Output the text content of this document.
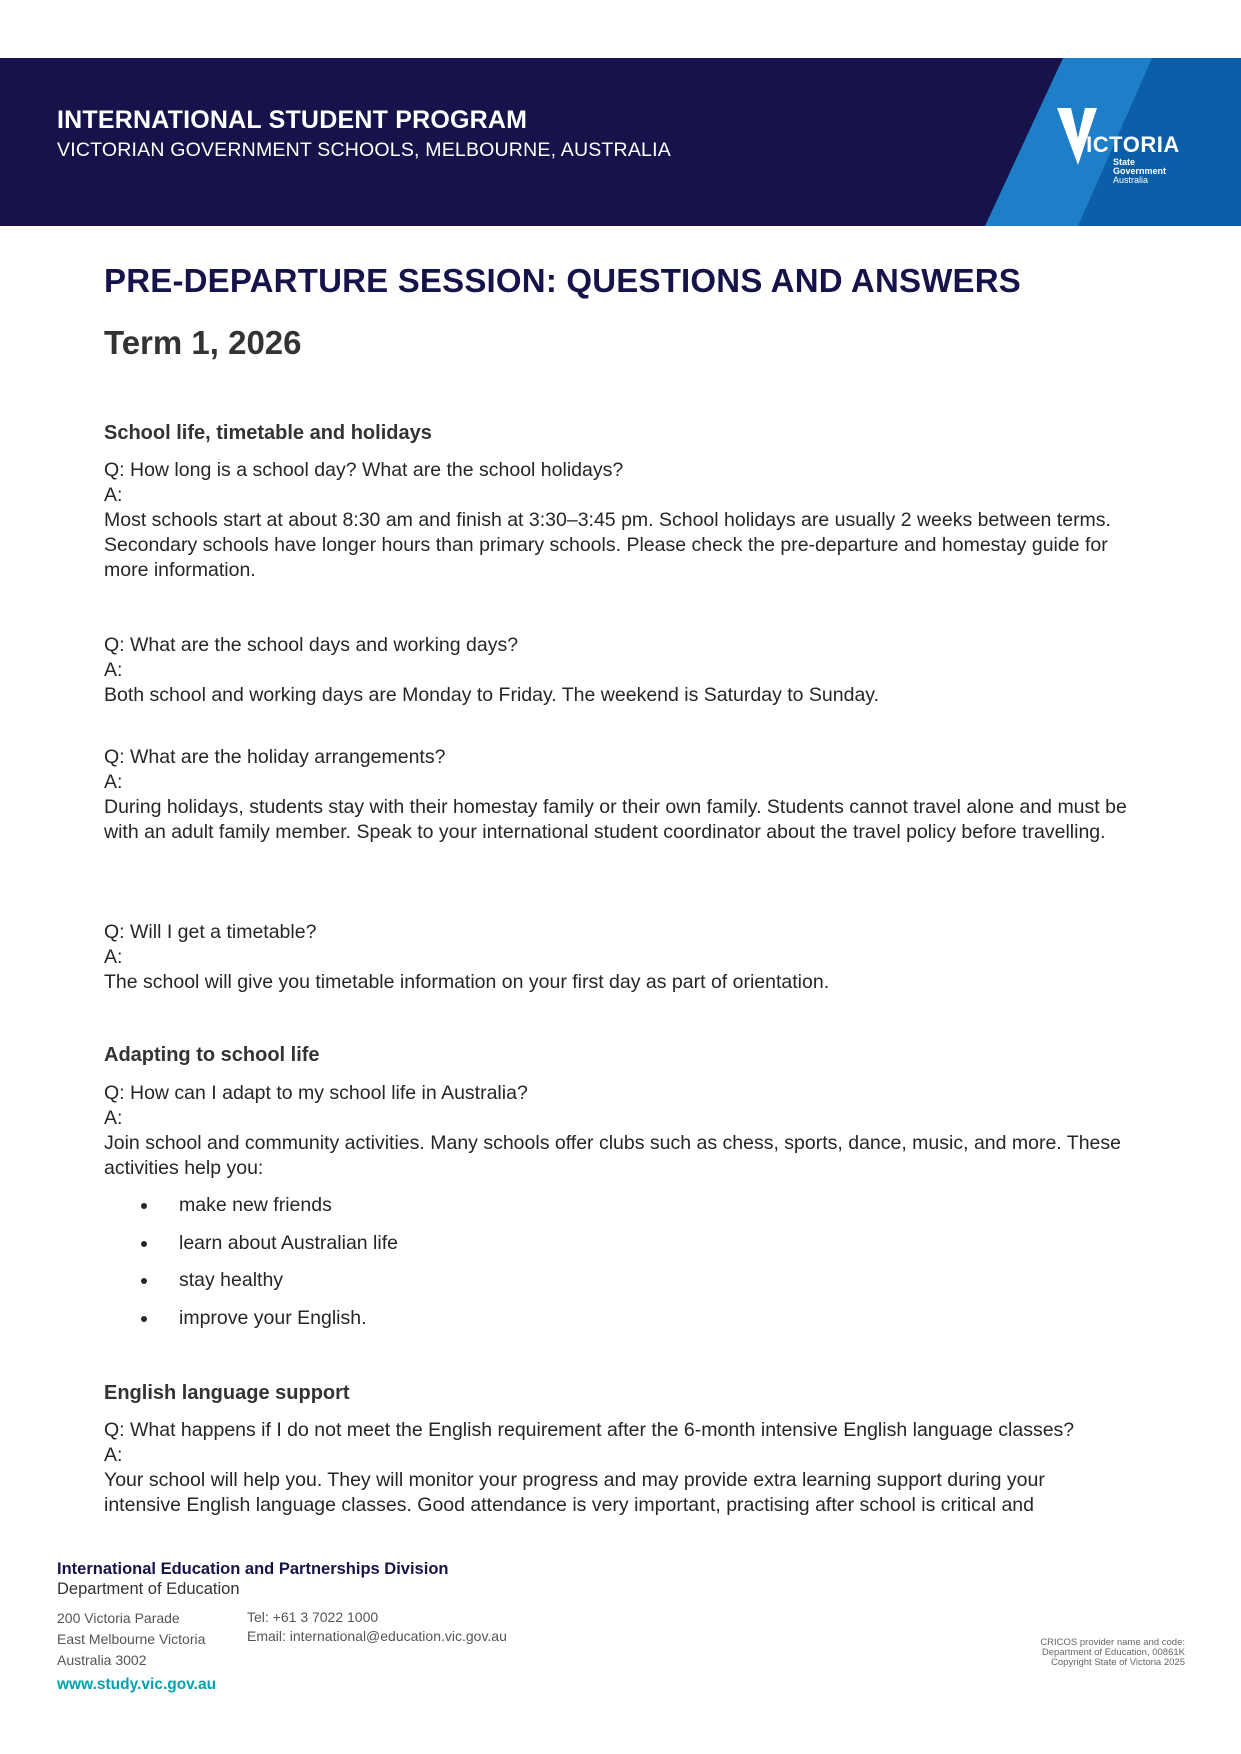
INTERNATIONAL STUDENT PROGRAM
VICTORIAN GOVERNMENT SCHOOLS, MELBOURNE, AUSTRALIA	VICTORIA
State
Government
Australia
PRE-DEPARTURE SESSION: QUESTIONS AND ANSWERS
Term 1, 2026
School life, timetable and holidays
Q: How long is a school day? What are the school holidays?
A:
Most schools start at about 8:30 am and finish at 3:30–3:45 pm. School holidays are usually 2 weeks between terms. Secondary schools have longer hours than primary schools. Please check the pre-departure and homestay guide for more information.
Q: What are the school days and working days?
A:
Both school and working days are Monday to Friday. The weekend is Saturday to Sunday.
Q: What are the holiday arrangements?
A:
During holidays, students stay with their homestay family or their own family. Students cannot travel alone and must be with an adult family member. Speak to your international student coordinator about the travel policy before travelling.
Q: Will I get a timetable?
A:
The school will give you timetable information on your first day as part of orientation.
Adapting to school life
Q: How can I adapt to my school life in Australia?
A:
Join school and community activities. Many schools offer clubs such as chess, sports, dance, music, and more. These activities help you:
make new friends
learn about Australian life
stay healthy
improve your English.
English language support
Q: What happens if I do not meet the English requirement after the 6-month intensive English language classes?
A:
Your school will help you. They will monitor your progress and may provide extra learning support during your intensive English language classes. Good attendance is very important, practising after school is critical and
International Education and Partnerships Division
Department of Education
200 Victoria Parade
East Melbourne Victoria
Australia 3002
Tel: +61 3 7022 1000
Email: international@education.vic.gov.au
www.study.vic.gov.au
CRICOS provider name and code:
Department of Education, 00861K
Copyright State of Victoria 2025
